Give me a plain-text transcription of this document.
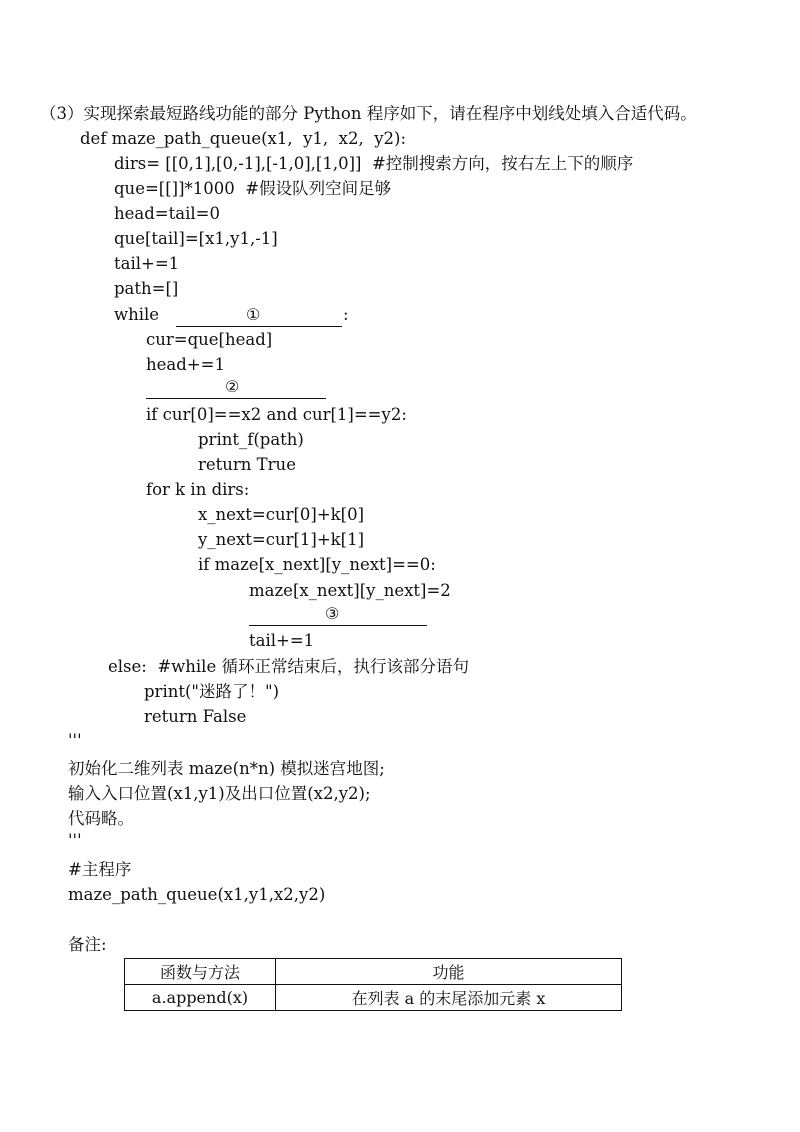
（3）实现探索最短路线功能的部分 Python 程序如下，请在程序中划线处填入合适代码。
def maze_path_queue(x1,  y1,  x2,  y2):
dirs= [[0,1],[0,-1],[-1,0],[1,0]]  #控制搜索方向，按右左上下的顺序
que=[[]]*1000  #假设队列空间足够
head=tail=0
que[tail]=[x1,y1,-1]
tail+=1
path=[]
while	①	:
cur=que[head]
head+=1
②
if cur[0]==x2 and cur[1]==y2:
print_f(path)
return True
for k in dirs:
x_next=cur[0]+k[0]
y_next=cur[1]+k[1]
if maze[x_next][y_next]==0:
maze[x_next][y_next]=2
③
tail+=1
else:  #while 循环正常结束后，执行该部分语句
print("迷路了！")
return False
'''
初始化二维列表 maze(n*n) 模拟迷宫地图;
输入入口位置(x1,y1)及出口位置(x2,y2);
代码略。
'''
#主程序
maze_path_queue(x1,y1,x2,y2)
备注:
函数与方法	功能
a.append(x)	在列表 a 的末尾添加元素 x
